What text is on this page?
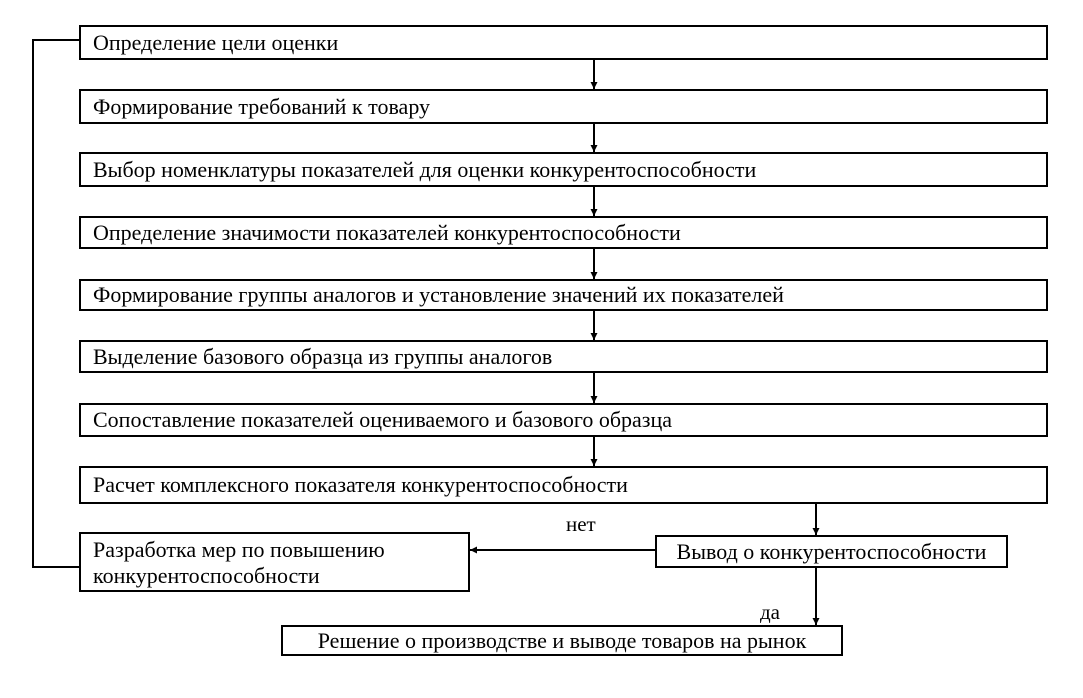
Определение цели оценки
Формирование требований к товару
Выбор номенклатуры показателей для оценки конкурентоспособности
Определение значимости показателей конкурентоспособности
Формирование группы аналогов и установление значений их показателей
Выделение базового образца из группы аналогов
Сопоставление показателей оцениваемого и базового образца
Расчет комплексного показателя конкурентоспособности
нет
Разработка мер по повышению
конкурентоспособности
Вывод о конкурентоспособности
да
Решение о производстве и выводе товаров на рынок
